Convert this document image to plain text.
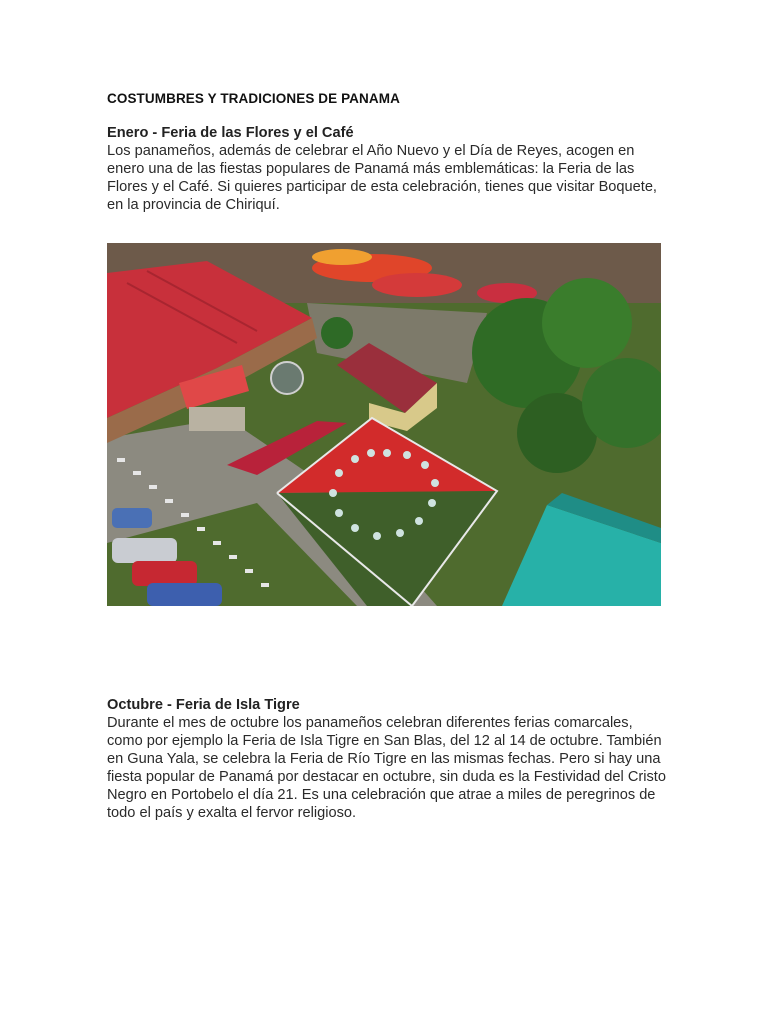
COSTUMBRES Y TRADICIONES DE PANAMA
Enero - Feria de las Flores y el Café

Los panameños, además de celebrar el Año Nuevo y el Día de Reyes, acogen en enero una de las fiestas populares de Panamá más emblemáticas: la Feria de las Flores y el Café. Si quieres participar de esta celebración, tienes que visitar Boquete, en la provincia de Chiriquí.

Octubre - Feria de Isla Tigre

Durante el mes de octubre los panameños celebran diferentes ferias comarcales, como por ejemplo la Feria de Isla Tigre en San Blas, del 12 al 14 de octubre. También en Guna Yala, se celebra la Feria de Río Tigre en las mismas fechas. Pero si hay una fiesta popular de Panamá por destacar en octubre, sin duda es la Festividad del Cristo Negro en Portobelo el día 21. Es una celebración que atrae a miles de peregrinos de todo el país y exalta el fervor religioso.
